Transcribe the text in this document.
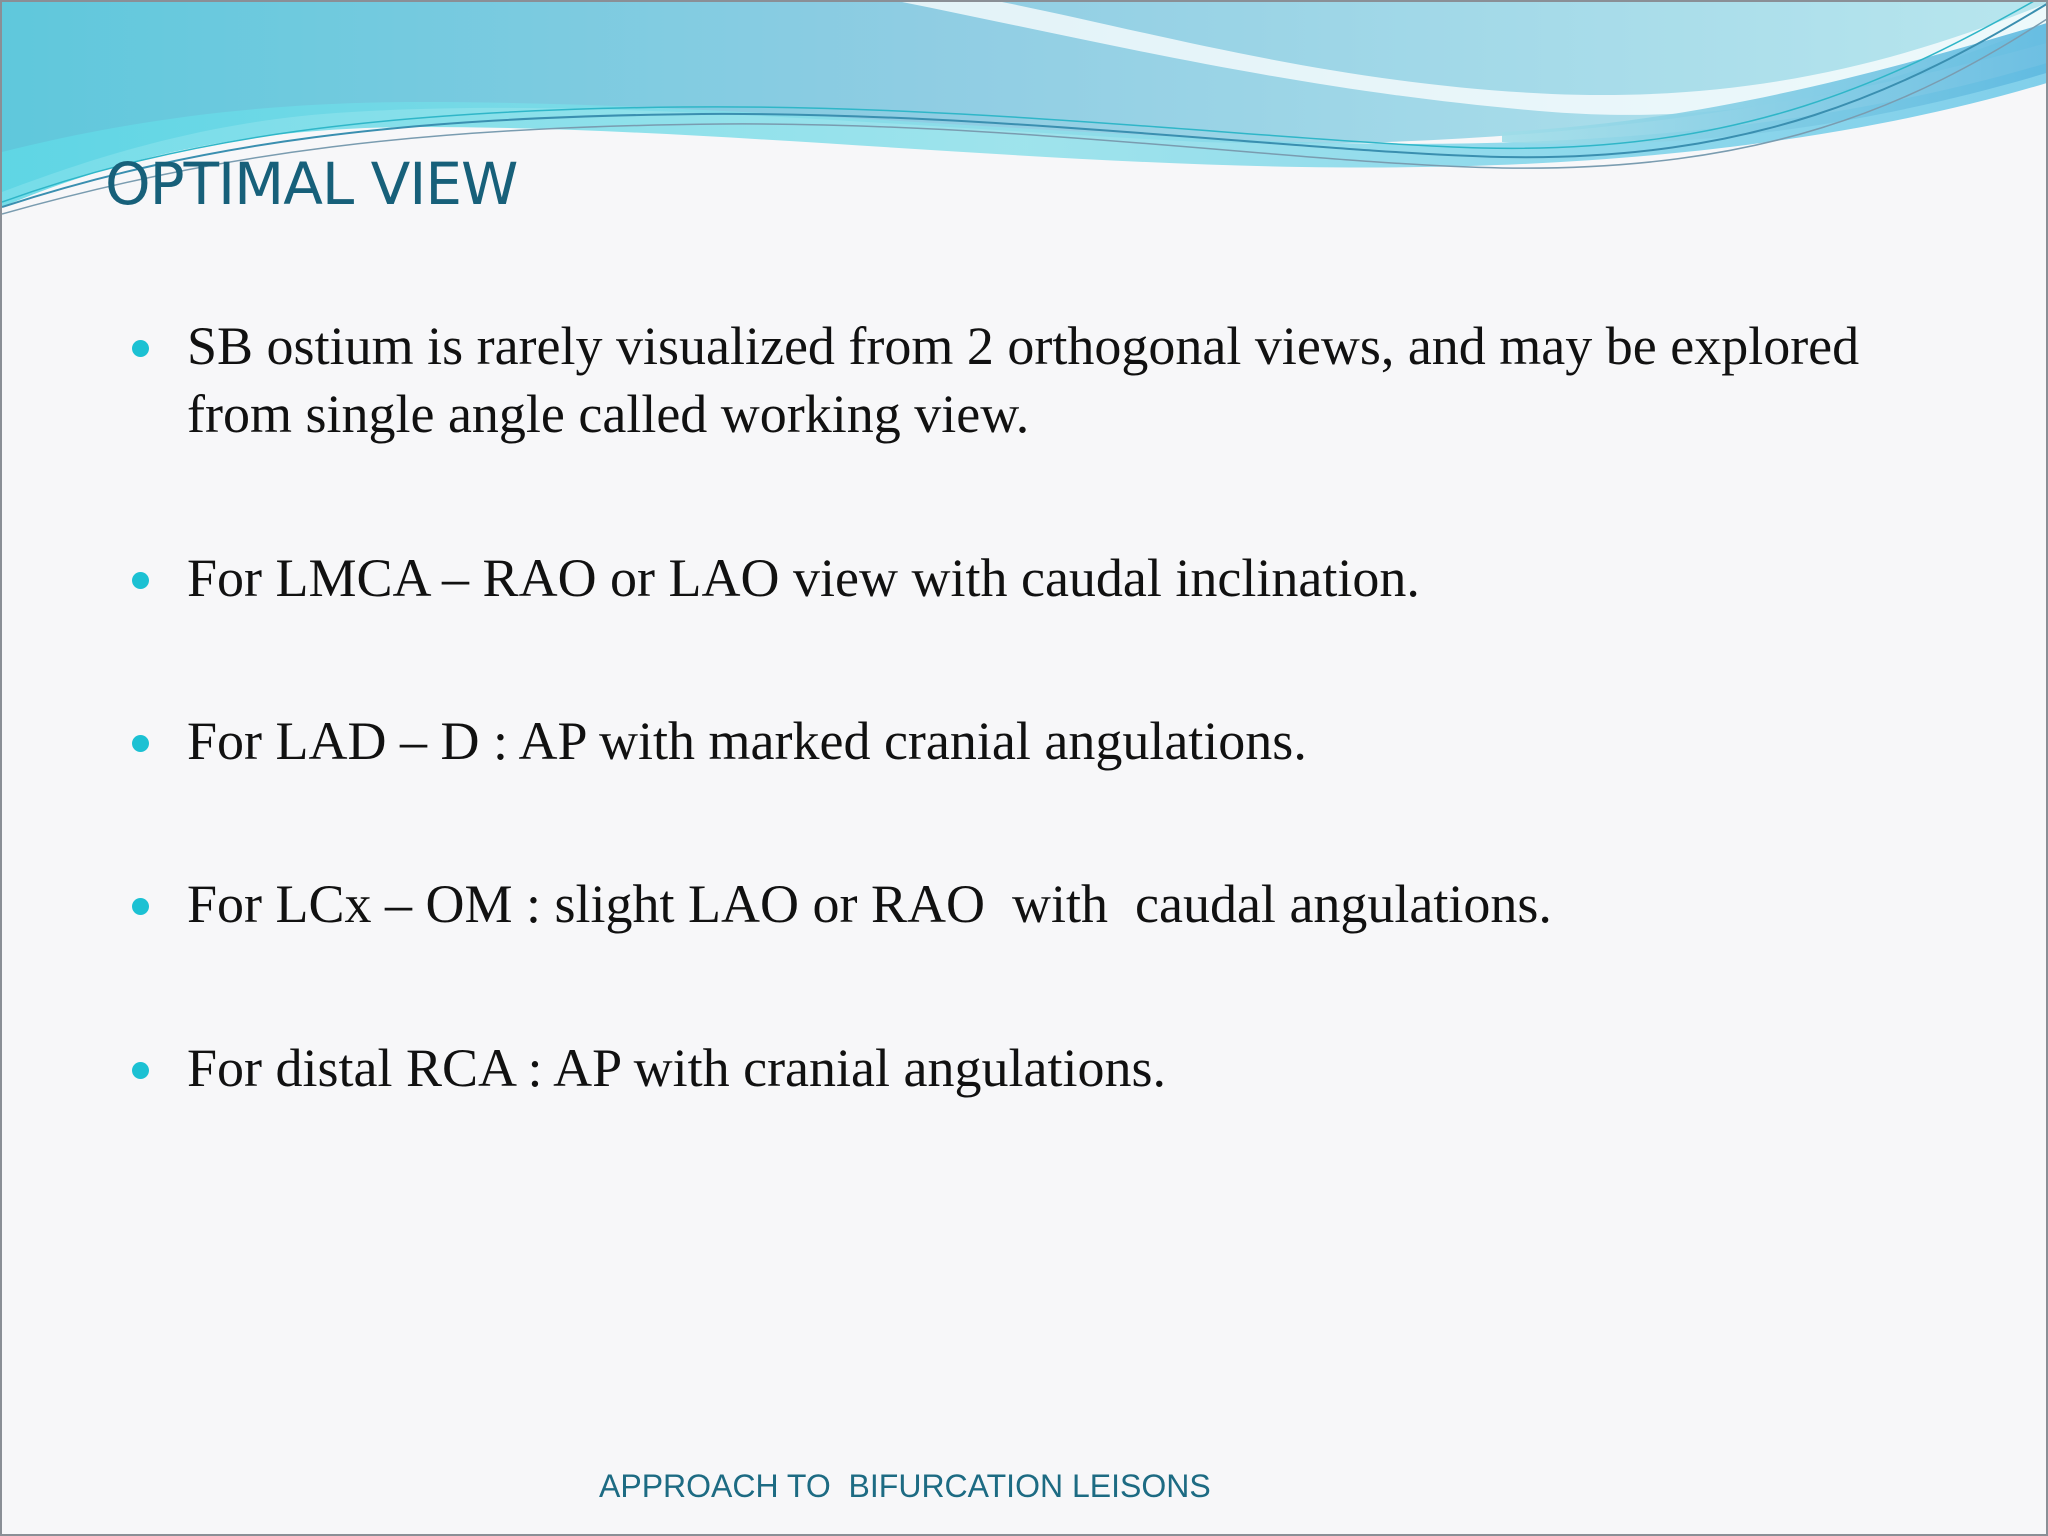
OPTIMAL VIEW
SB ostium is rarely visualized from 2 orthogonal views, and may be explored from single angle called working view.
For LMCA – RAO or LAO view with caudal inclination.
For LAD – D : AP with marked cranial angulations.
For LCx – OM : slight LAO or RAO  with  caudal angulations.
For distal RCA : AP with cranial angulations.
APPROACH TO  BIFURCATION LEISONS
